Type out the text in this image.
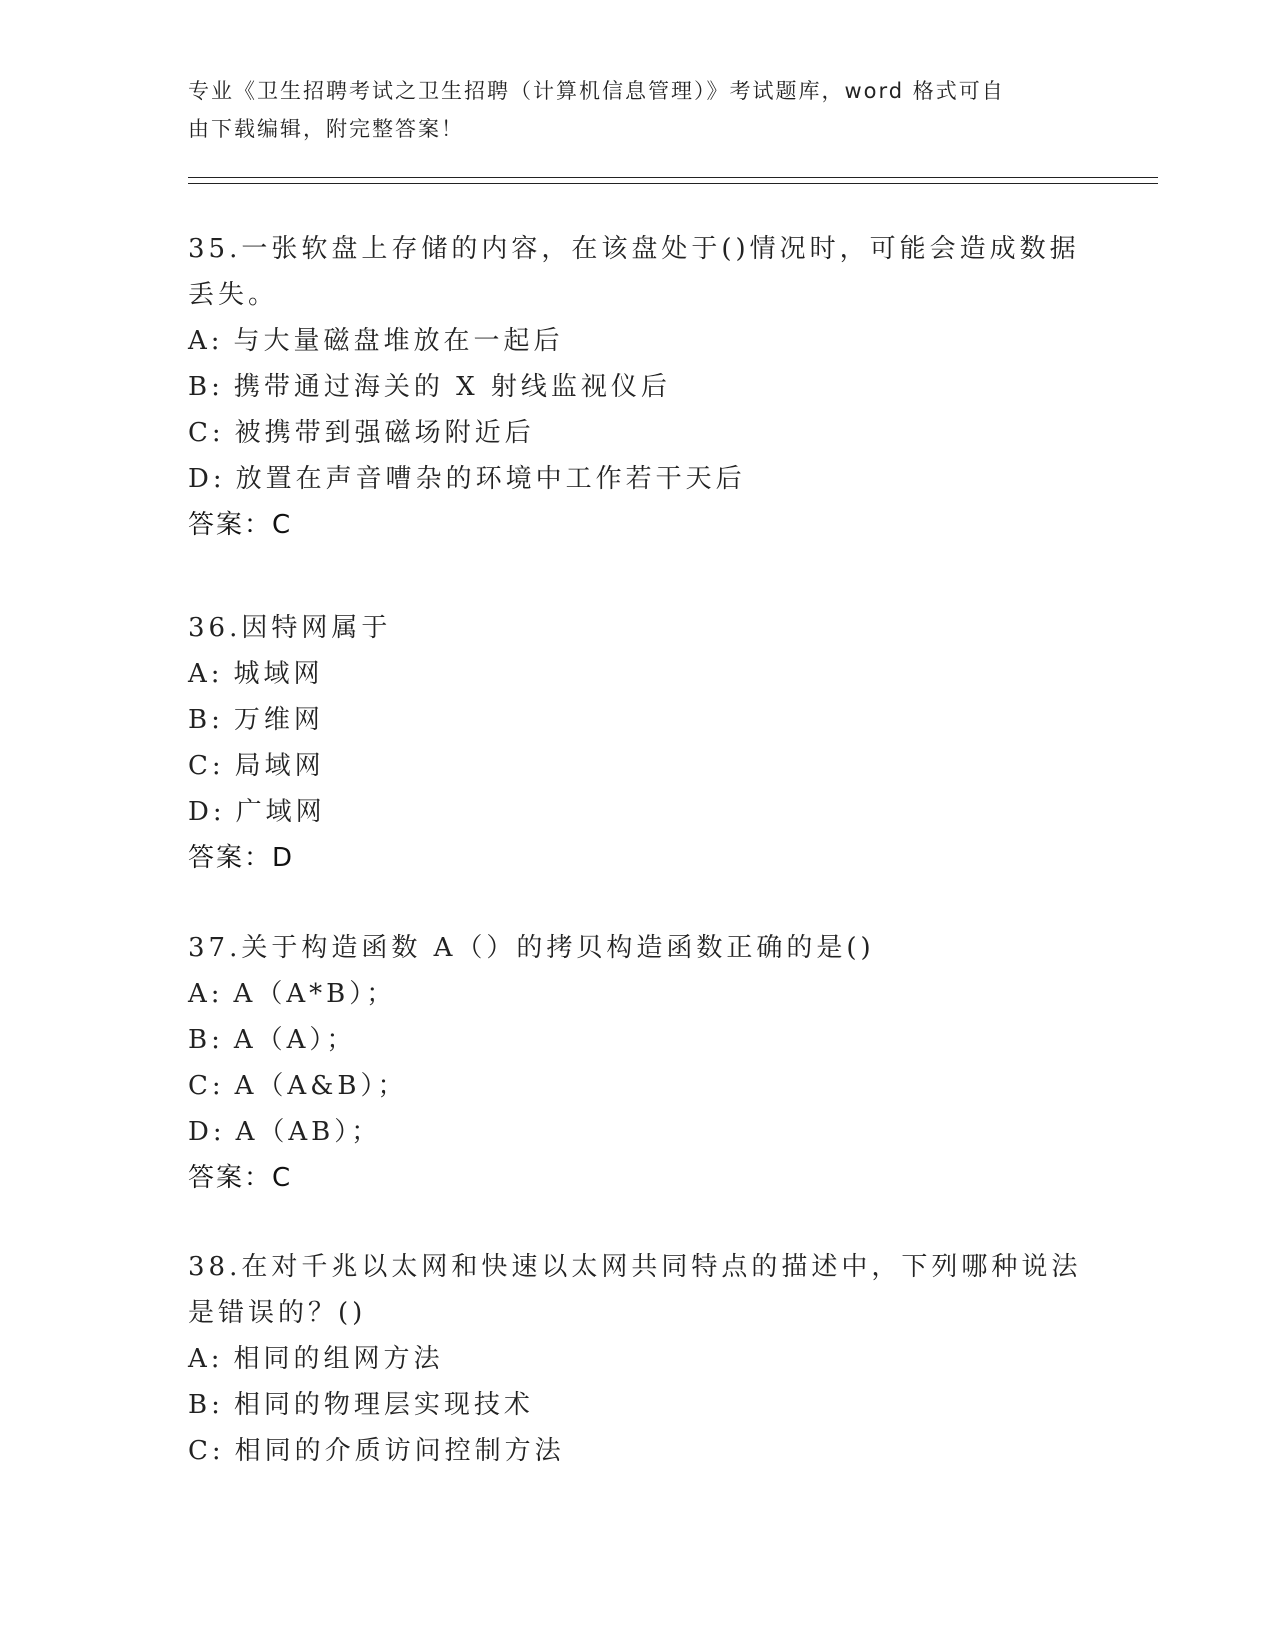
专业《卫生招聘考试之卫生招聘（计算机信息管理）》考试题库，word 格式可自
由下载编辑，附完整答案！
35.一张软盘上存储的内容，在该盘处于()情况时，可能会造成数据丢失。
A: 与大量磁盘堆放在一起后
B: 携带通过海关的 X 射线监视仪后
C: 被携带到强磁场附近后
D: 放置在声音嘈杂的环境中工作若干天后
答案：C
36.因特网属于
A: 城域网
B: 万维网
C: 局域网
D: 广域网
答案：D
37.关于构造函数 A（）的拷贝构造函数正确的是()
A: A（A*B）；
B: A（A）；
C: A（A&B）；
D: A（AB）；
答案：C
38.在对千兆以太网和快速以太网共同特点的描述中，下列哪种说法是错误的？()
A: 相同的组网方法
B: 相同的物理层实现技术
C: 相同的介质访问控制方法
